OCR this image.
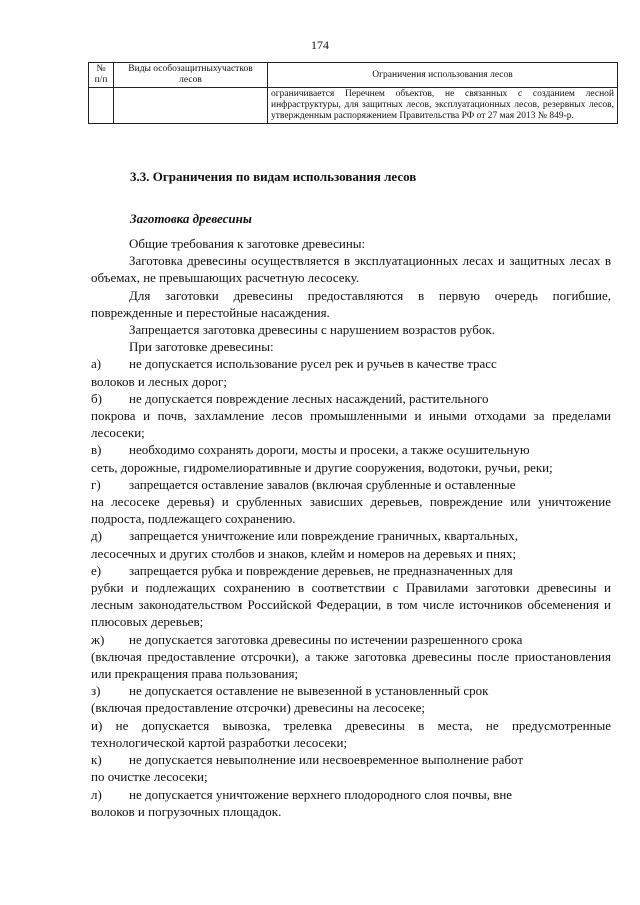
174
№ п/п	Виды особозащитныхучастков лесов	Ограничения использования лесов
		ограничивается Перечнем объектов, не связанных с созданием лесной инфраструктуры, для защитных лесов, эксплуатационных лесов, резервных лесов, утвержденным распоряжением Правительства РФ от 27 мая 2013 № 849-р.
3.3. Ограничения по видам использования лесов
Заготовка древесины

Общие требования к заготовке древесины:

Заготовка древесины осуществляется в эксплуатационных лесах и защитных лесах в объемах, не превышающих расчетную лесосеку.

Для заготовки древесины предоставляются в первую очередь погибшие, поврежденные и перестойные насаждения.

Запрещается заготовка древесины с нарушением возрастов рубок.

При заготовке древесины:

а) не допускается использование русел рек и ручьев в качестве трасс
волоков и лесных дорог;

б) не допускается повреждение лесных насаждений, растительного
покрова и почв, захламление лесов промышленными и иными отходами за пределами лесосеки;

в) необходимо сохранять дороги, мосты и просеки, а также осушительную
сеть, дорожные, гидромелиоративные и другие сооружения, водотоки, ручьи, реки;

г) запрещается оставление завалов (включая срубленные и оставленные
на лесосеке деревья) и срубленных зависших деревьев, повреждение или уничтожение подроста, подлежащего сохранению.

д) запрещается уничтожение или повреждение граничных, квартальных,
лесосечных и других столбов и знаков, клейм и номеров на деревьях и пнях;

е) запрещается рубка и повреждение деревьев, не предназначенных для
рубки и подлежащих сохранению в соответствии с Правилами заготовки древесины и лесным законодательством Российской Федерации, в том числе источников обсеменения и плюсовых деревьев;

ж) не допускается заготовка древесины по истечении разрешенного срока
(включая предоставление отсрочки), а также заготовка древесины после приостановления или прекращения права пользования;

з) не допускается оставление не вывезенной в установленный срок
(включая предоставление отсрочки) древесины на лесосеке;

и) не допускается вывозка, трелевка древесины в места, не предусмотренные технологической картой разработки лесосеки;

к) не допускается невыполнение или несвоевременное выполнение работ
по очистке лесосеки;

л) не допускается уничтожение верхнего плодородного слоя почвы, вне
волоков и погрузочных площадок.
